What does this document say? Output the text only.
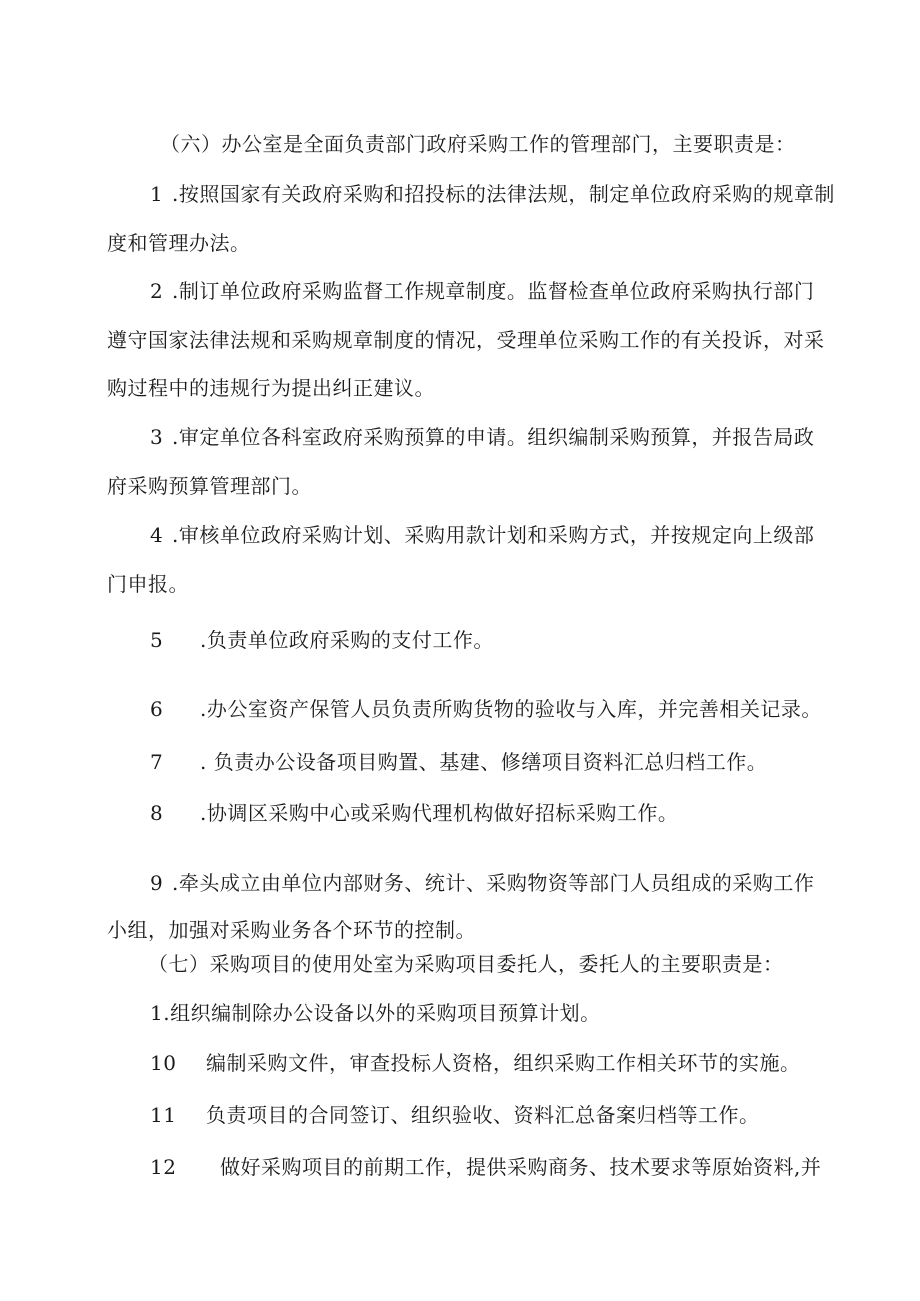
（六）办公室是全面负责部门政府采购工作的管理部门，主要职责是：
1 .按照国家有关政府采购和招投标的法律法规，制定单位政府采购的规章制
度和管理办法。
2 .制订单位政府采购监督工作规章制度。监督检查单位政府采购执行部门
遵守国家法律法规和采购规章制度的情况，受理单位采购工作的有关投诉，对采
购过程中的违规行为提出纠正建议。
3 .审定单位各科室政府采购预算的申请。组织编制采购预算，并报告局政
府采购预算管理部门。
4 .审核单位政府采购计划、采购用款计划和采购方式，并按规定向上级部
门申报。
5 .负责单位政府采购的支付工作。
6 .办公室资产保管人员负责所购货物的验收与入库，并完善相关记录。
7 . 负责办公设备项目购置、基建、修缮项目资料汇总归档工作。
8 .协调区采购中心或采购代理机构做好招标采购工作。
9 .牵头成立由单位内部财务、统计、采购物资等部门人员组成的采购工作
小组，加强对采购业务各个环节的控制。
（七）采购项目的使用处室为采购项目委托人，委托人的主要职责是：
1.组织编制除办公设备以外的采购项目预算计划。
10 编制采购文件，审查投标人资格，组织采购工作相关环节的实施。
11 负责项目的合同签订、组织验收、资料汇总备案归档等工作。
12 做好采购项目的前期工作，提供采购商务、技术要求等原始资料,并
